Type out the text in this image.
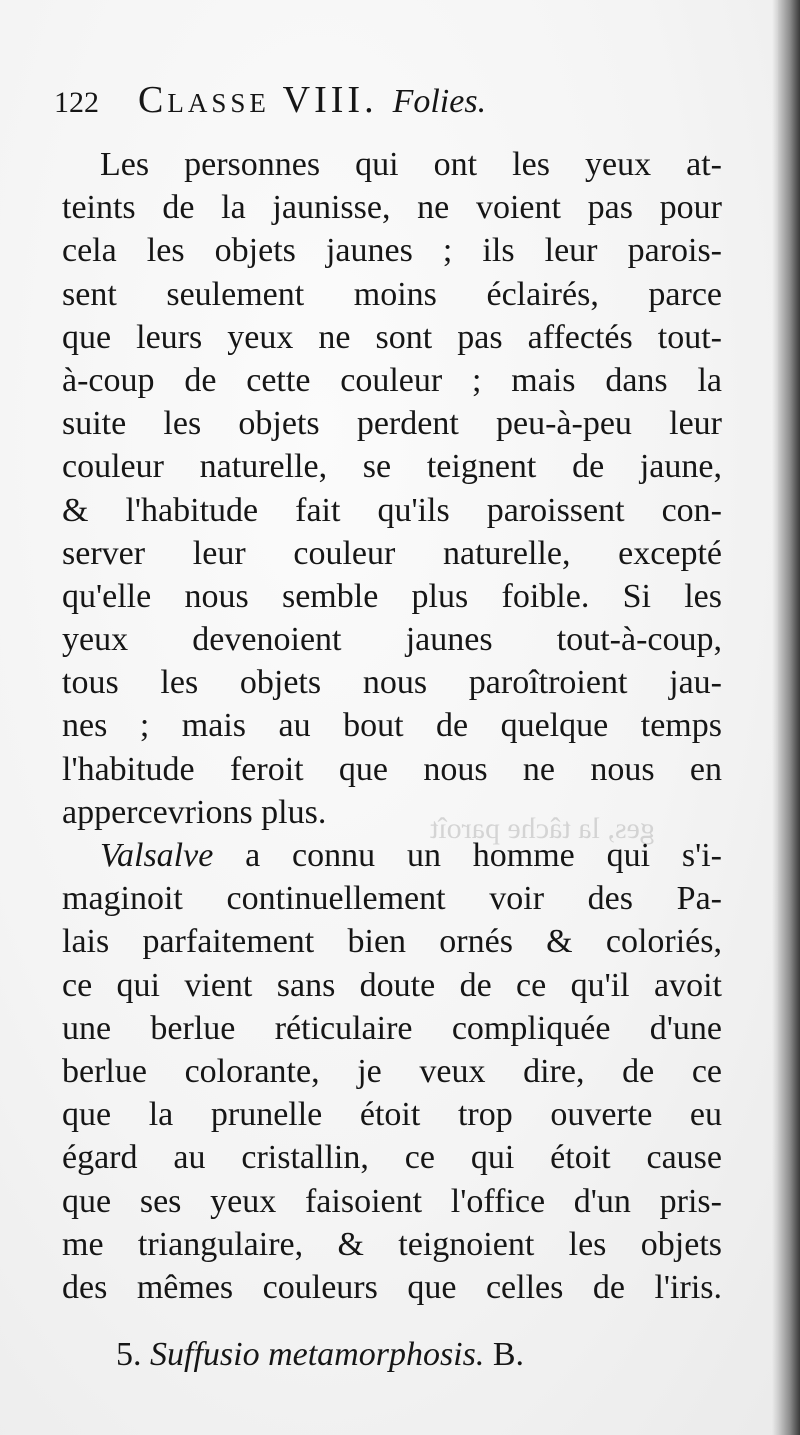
ges, la tâche paroît
122 Classe VIII. Folies.
Les personnes qui ont les yeux at-
teints de la jaunisse, ne voient pas pour
cela les objets jaunes ; ils leur parois-
sent seulement moins éclairés, parce
que leurs yeux ne sont pas affectés tout-
à-coup de cette couleur ; mais dans la
suite les objets perdent peu-à-peu leur
couleur naturelle, se teignent de jaune,
& l'habitude fait qu'ils paroissent con-
server leur couleur naturelle, excepté
qu'elle nous semble plus foible. Si les
yeux devenoient jaunes tout-à-coup,
tous les objets nous paroîtroient jau-
nes ; mais au bout de quelque temps
l'habitude feroit que nous ne nous en
appercevrions plus.
Valsalve a connu un homme qui s'i-
maginoit continuellement voir des Pa-
lais parfaitement bien ornés & coloriés,
ce qui vient sans doute de ce qu'il avoit
une berlue réticulaire compliquée d'une
berlue colorante, je veux dire, de ce
que la prunelle étoit trop ouverte eu
égard au cristallin, ce qui étoit cause
que ses yeux faisoient l'office d'un pris-
me triangulaire, & teignoient les objets
des mêmes couleurs que celles de l'iris.
5. Suffusio metamorphosis. B.
